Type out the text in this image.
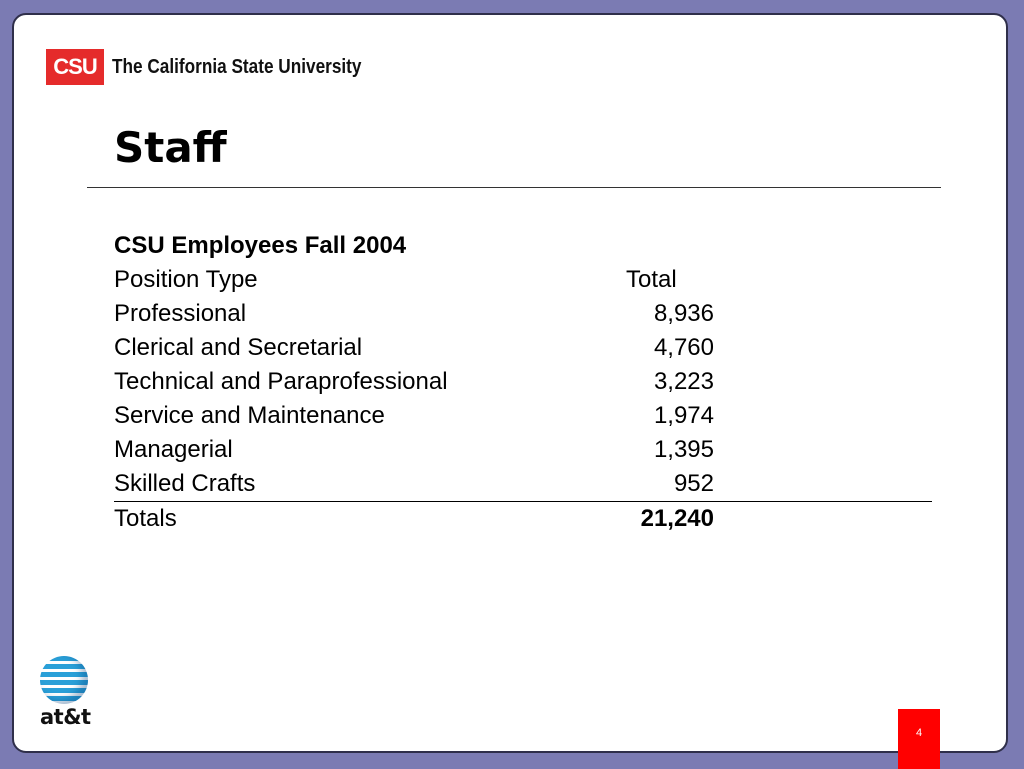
CSU The California State University
Staff
CSU Employees Fall 2004
Position Type	Total
Professional	8,936
Clerical and Secretarial	4,760
Technical and Paraprofessional	3,223
Service and Maintenance	1,974
Managerial	1,395
Skilled Crafts	952
Totals	21,240
at&t
4
